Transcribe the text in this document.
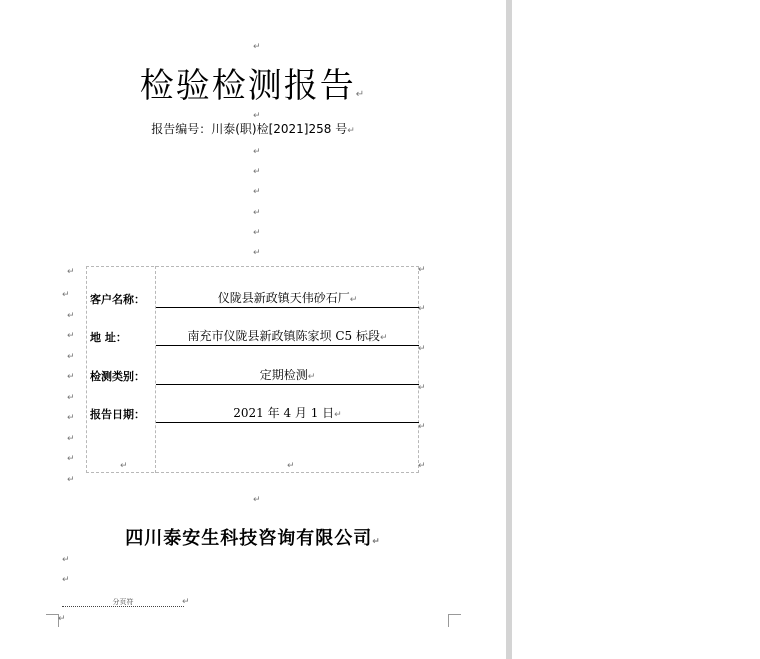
检验检测报告↵
报告编号：川泰(职)检[2021]258 号↵
↵
↵
↵
↵
↵
↵
↵
↵
↵
↵
↵
↵
↵
↵
↵
↵
↵
↵
↵
↵
↵
↵
↵
↵
↵
客户名称：	仪陇县新政镇天伟砂石厂↵
地 址：	南充市仪陇县新政镇陈家坝 C5 标段↵
检测类别：	定期检测↵
报告日期：	2021 年 4 月 1 日↵
↵	↵
↵
四川泰安生科技咨询有限公司↵
↵
↵
分页符	↵
↵
